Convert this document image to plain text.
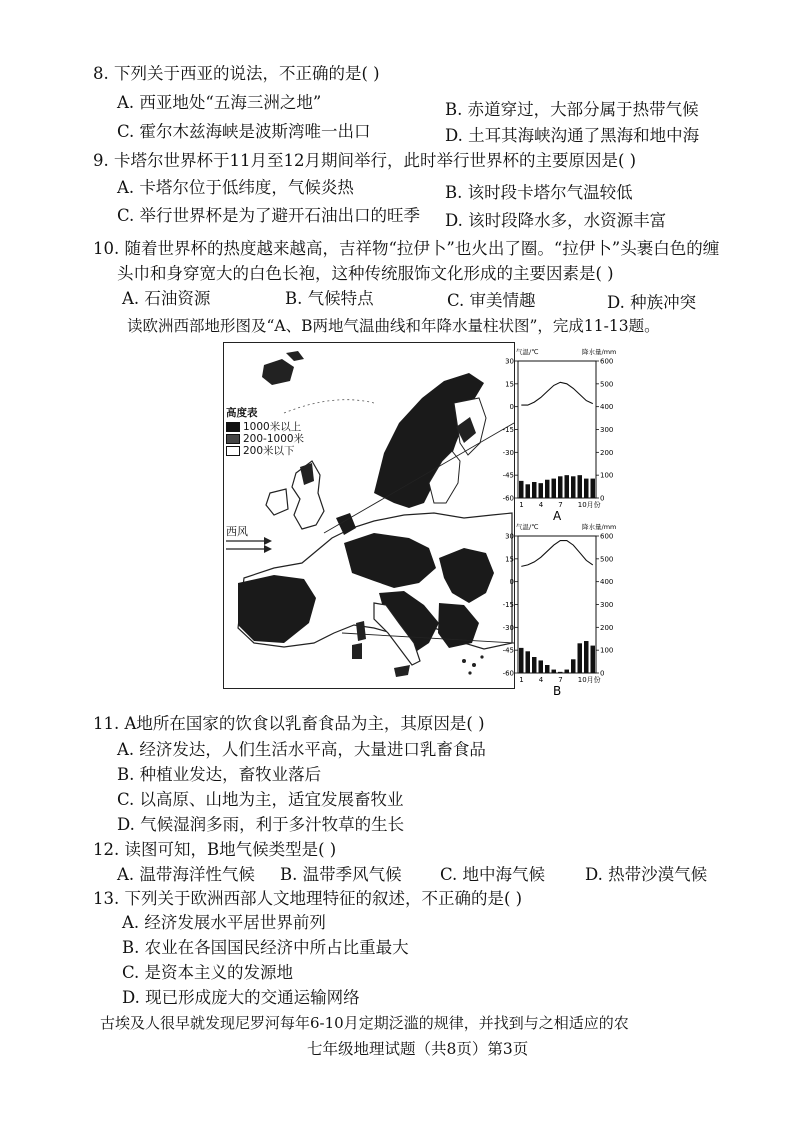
8. 下列关于西亚的说法，不正确的是( )
A. 西亚地处“五海三洲之地”	B. 赤道穿过，大部分属于热带气候
C. 霍尔木兹海峡是波斯湾唯一出口	D. 土耳其海峡沟通了黑海和地中海
9. 卡塔尔世界杯于11月至12月期间举行，此时举行世界杯的主要原因是( )
A. 卡塔尔位于低纬度，气候炎热	B. 该时段卡塔尔气温较低
C. 举行世界杯是为了避开石油出口的旺季 D. 该时段降水多，水资源丰富
10. 随着世界杯的热度越来越高，吉祥物“拉伊卜”也火出了圈。“拉伊卜”头裹白色的缠
头巾和身穿宽大的白色长袍，这种传统服饰文化形成的主要因素是( )
A. 石油资源	B. 气候特点	C. 审美情趣	D. 种族冲突
读欧洲西部地形图及“A、B两地气温曲线和年降水量柱状图”，完成11-13题。
高度表
1000米以上
200-1000米
200米以下
西风
气温/℃	降水量/mm
30
15
0
-15
-30
-45
-60
600
500
400
300
200
100
0
1 4 7 10月份
A
气温/℃	降水量/mm
30
15
0
-15
-30
-45
-60
600
500
400
300
200
100
0
1 4 7 10月份
B
11. A地所在国家的饮食以乳畜食品为主，其原因是( )
A. 经济发达，人们生活水平高，大量进口乳畜食品
B. 种植业发达，畜牧业落后
C. 以高原、山地为主，适宜发展畜牧业
D. 气候湿润多雨，利于多汁牧草的生长
12. 读图可知，B地气候类型是( )
A. 温带海洋性气候 B. 温带季风气候 C. 地中海气候 D. 热带沙漠气候
13. 下列关于欧洲西部人文地理特征的叙述，不正确的是( )
A. 经济发展水平居世界前列
B. 农业在各国国民经济中所占比重最大
C. 是资本主义的发源地
D. 现已形成庞大的交通运输网络
古埃及人很早就发现尼罗河每年6-10月定期泛滥的规律，并找到与之相适应的农
七年级地理试题（共8页）第3页
